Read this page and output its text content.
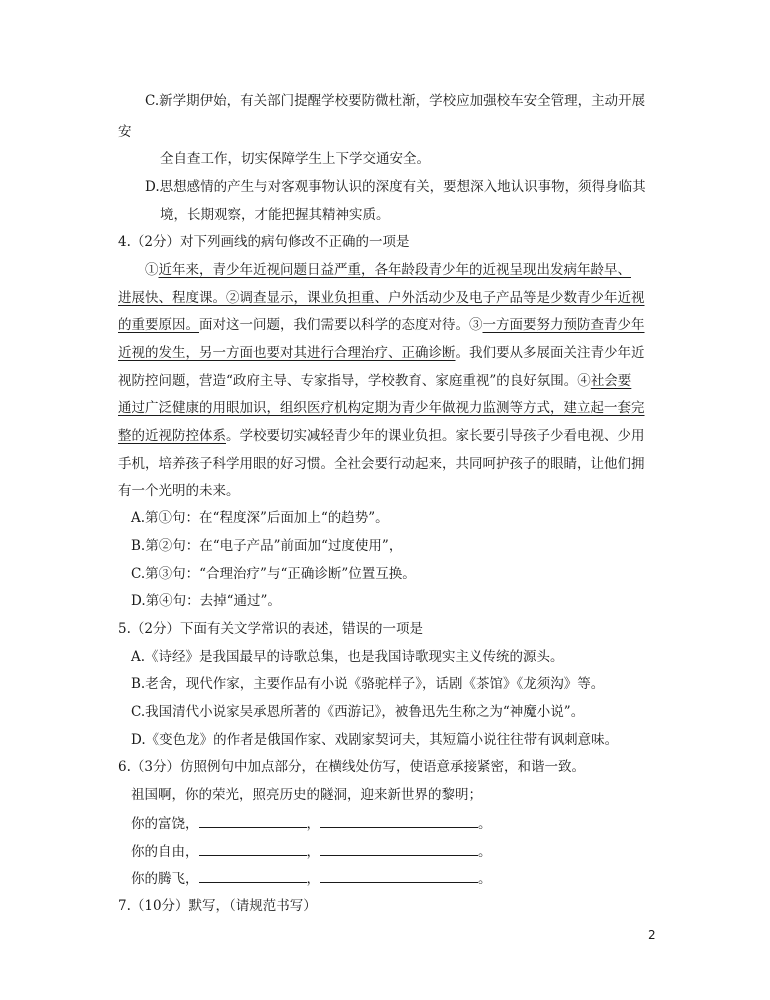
C.新学期伊始，有关部门提醒学校要防微杜渐，学校应加强校车安全管理，主动开展
安
全自查工作，切实保障学生上下学交通安全。
D.思想感情的产生与对客观事物认识的深度有关，要想深入地认识事物，须得身临其
境，长期观察，才能把握其精神实质。
4.（2分）对下列画线的病句修改不正确的一项是
①近年来，青少年近视问题日益严重，各年龄段青少年的近视呈现出发病年龄早、
进展快、程度课。②调查显示，课业负担重、户外活动少及电子产品等是少数青少年近视
的重要原因。面对这一问题，我们需要以科学的态度对待。③一方面要努力预防查青少年
近视的发生，另一方面也要对其进行合理治疗、正确诊断。我们要从多展面关注青少年近
视防控问题，营造“政府主导、专家指导，学校教育、家庭重视”的良好氛围。④社会要
通过广泛健康的用眼加识，组织医疗机构定期为青少年做视力监测等方式，建立起一套完
整的近视防控体系。学校要切实减轻青少年的课业负担。家长要引导孩子少看电视、少用
手机，培养孩子科学用眼的好习惯。全社会要行动起来，共同呵护孩子的眼睛，让他们拥
有一个光明的未来。
A.第①句：在“程度深”后面加上“的趋势”。
B.第②句：在“电子产品”前面加“过度使用”，
C.第③句：“合理治疗”与“正确诊断”位置互换。
D.第④句：去掉“通过”。
5.（2分）下面有关文学常识的表述，错误的一项是
A.《诗经》是我国最早的诗歌总集，也是我国诗歌现实主义传统的源头。
B.老舍，现代作家，主要作品有小说《骆驼样子》，话剧《茶馆》《龙须沟》等。
C.我国清代小说家吴承恩所著的《西游记》，被鲁迅先生称之为“神魔小说”。
D.《变色龙》的作者是俄国作家、戏剧家契诃夫，其短篇小说往往带有讽刺意味。
6.（3分）仿照例句中加点部分，在横线处仿写，使语意承接紧密，和谐一致。
祖国啊，你的荣光，照亮历史的隧洞，迎来新世界的黎明；
你的富饶，	，	。
你的自由，	，	。
你的腾飞，	，	。
7.（10分）默写，（请规范书写）
2
